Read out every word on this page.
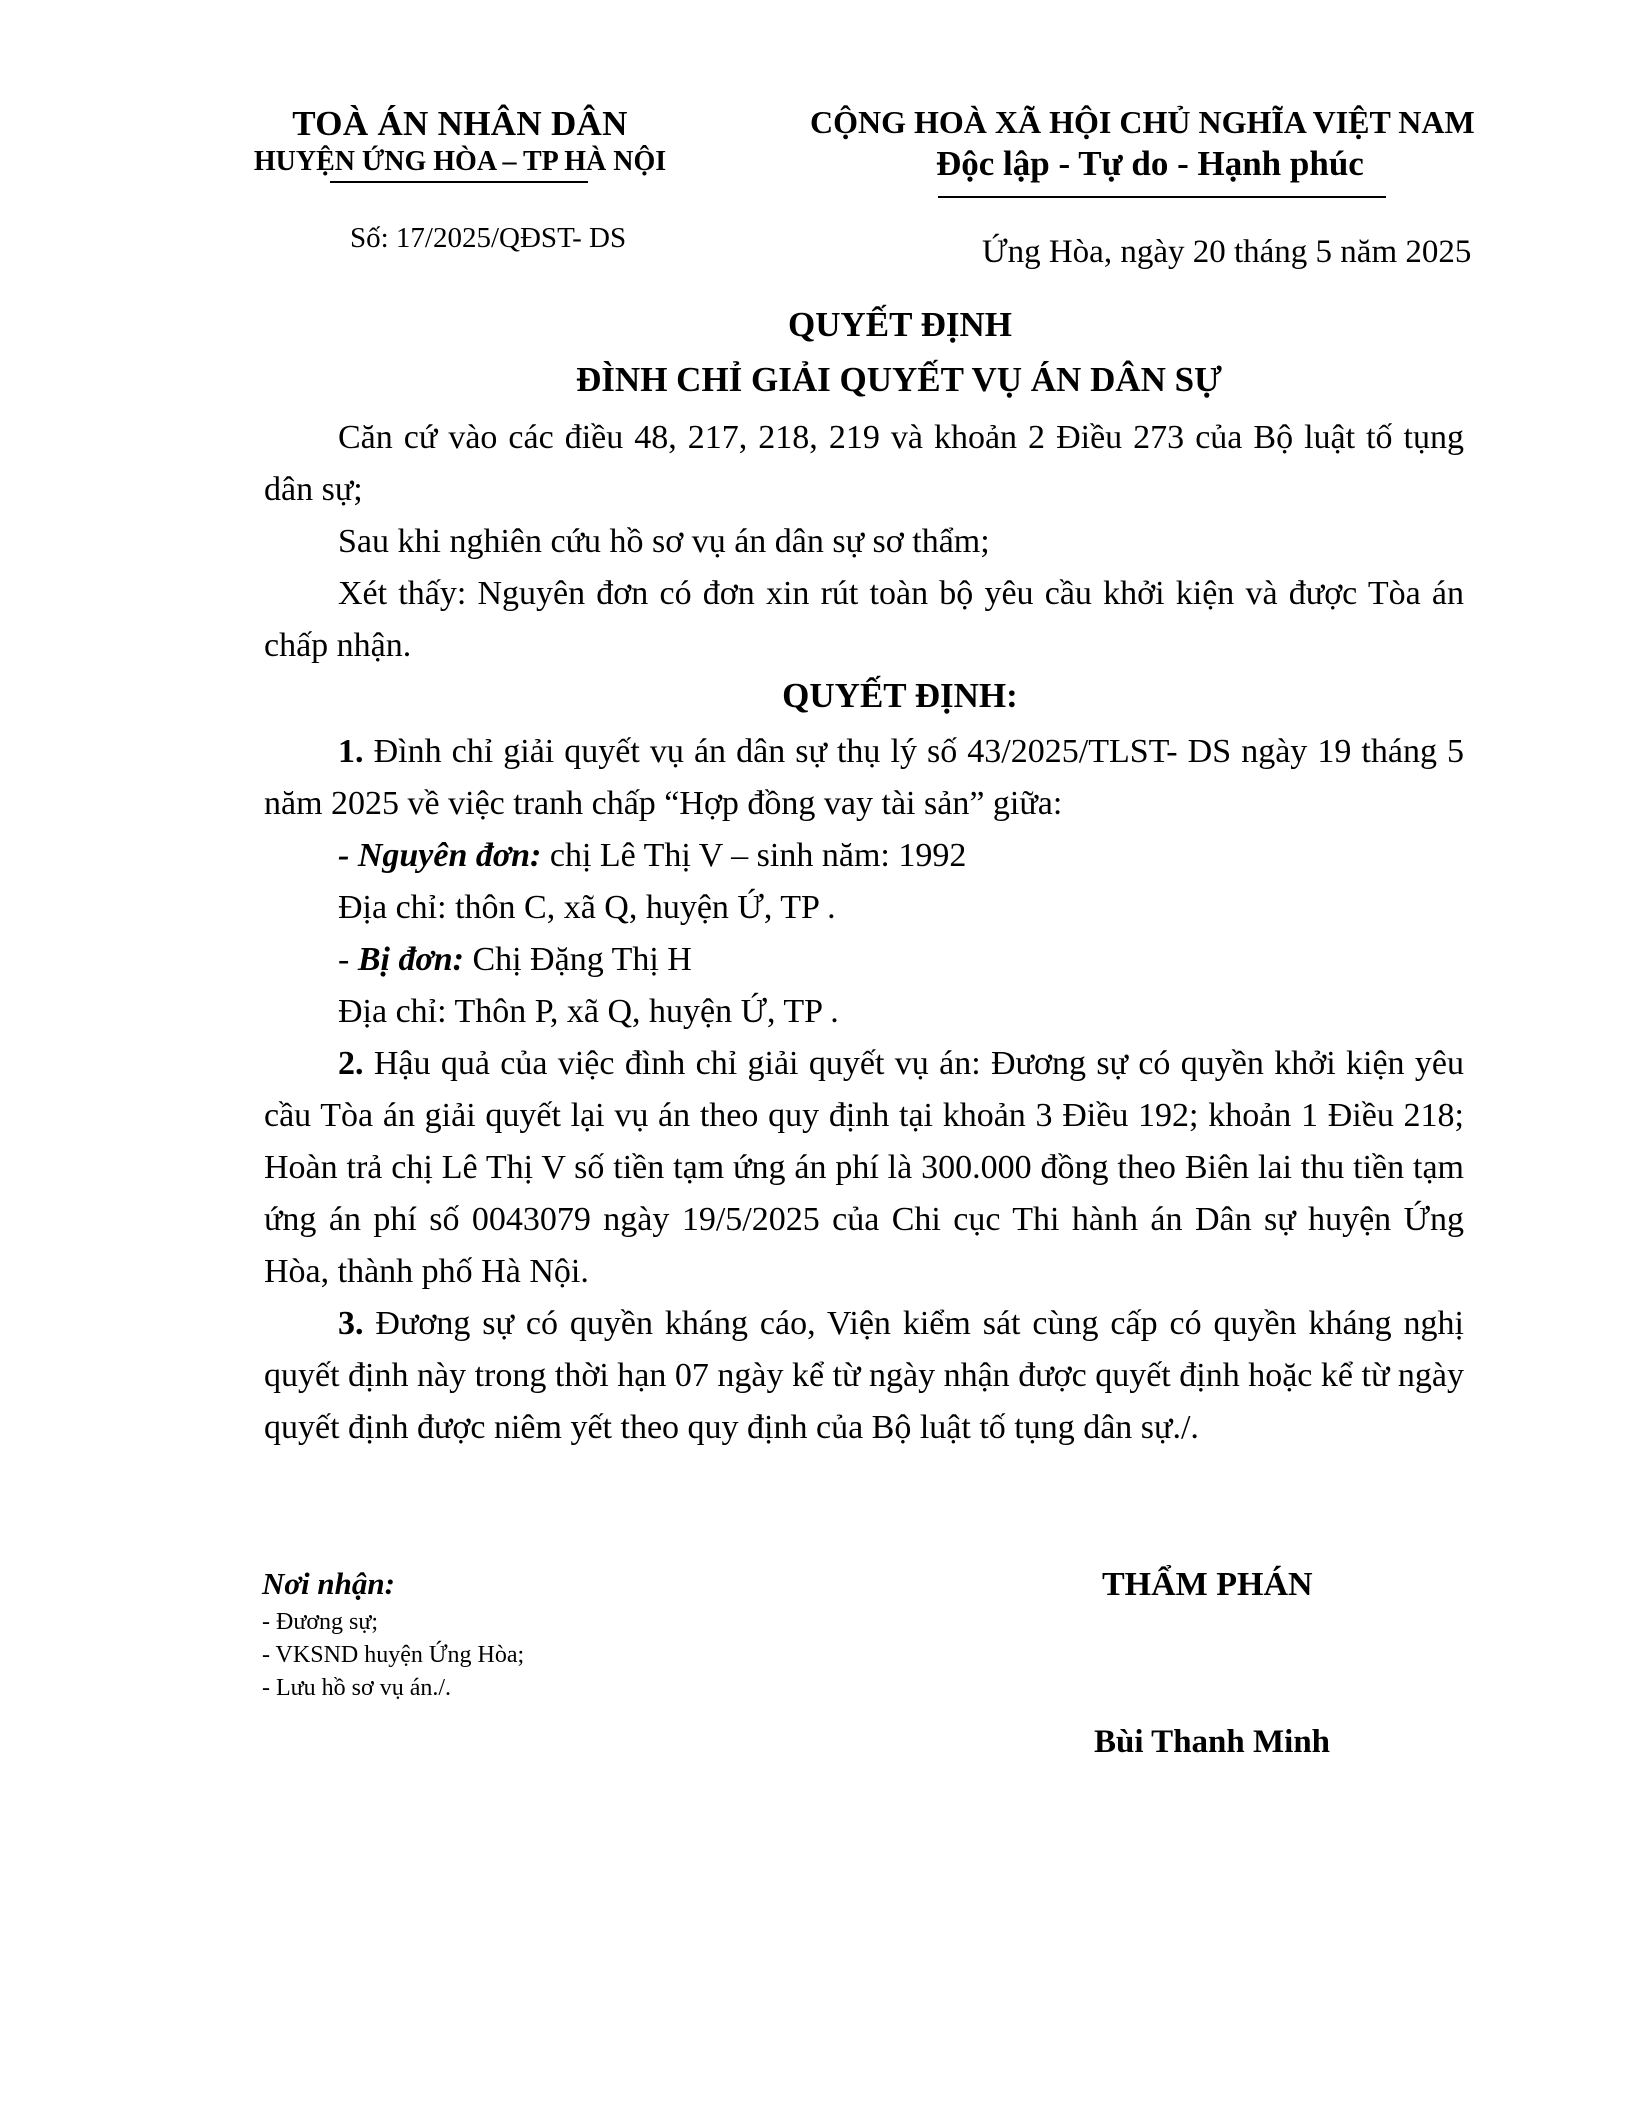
TOÀ ÁN NHÂN DÂN
HUYỆN ỨNG HÒA – TP HÀ NỘI
Số: 17/2025/QĐST- DS
CỘNG HOÀ XÃ HỘI CHỦ NGHĨA VIỆT NAM
Độc lập - Tự do - Hạnh phúc
Ứng Hòa, ngày 20 tháng 5 năm 2025
QUYẾT ĐỊNH
ĐÌNH CHỈ GIẢI QUYẾT VỤ ÁN DÂN SỰ
Căn cứ vào các điều 48, 217, 218, 219 và khoản 2 Điều 273 của Bộ luật tố tụng dân sự;
Sau khi nghiên cứu hồ sơ vụ án dân sự sơ thẩm;
Xét thấy: Nguyên đơn có đơn xin rút toàn bộ yêu cầu khởi kiện và được Tòa án chấp nhận.
QUYẾT ĐỊNH:
1. Đình chỉ giải quyết vụ án dân sự thụ lý số 43/2025/TLST- DS ngày 19 tháng 5 năm 2025 về việc tranh chấp “Hợp đồng vay tài sản” giữa:
- Nguyên đơn: chị Lê Thị V – sinh năm: 1992
Địa chỉ: thôn C, xã Q, huyện Ứ, TP .
- Bị đơn: Chị Đặng Thị H
Địa chỉ: Thôn P, xã Q, huyện Ứ, TP .
2. Hậu quả của việc đình chỉ giải quyết vụ án: Đương sự có quyền khởi kiện yêu cầu Tòa án giải quyết lại vụ án theo quy định tại khoản 3 Điều 192; khoản 1 Điều 218; Hoàn trả chị Lê Thị V số tiền tạm ứng án phí là 300.000 đồng theo Biên lai thu tiền tạm ứng án phí số 0043079 ngày 19/5/2025 của Chi cục Thi hành án Dân sự huyện Ứng Hòa, thành phố Hà Nội.
3. Đương sự có quyền kháng cáo, Viện kiểm sát cùng cấp có quyền kháng nghị quyết định này trong thời hạn 07 ngày kể từ ngày nhận được quyết định hoặc kể từ ngày quyết định được niêm yết theo quy định của Bộ luật tố tụng dân sự./.
Nơi nhận:
- Đương sự;
- VKSND huyện Ứng Hòa;
- Lưu hồ sơ vụ án./.
THẨM PHÁN
Bùi Thanh Minh
